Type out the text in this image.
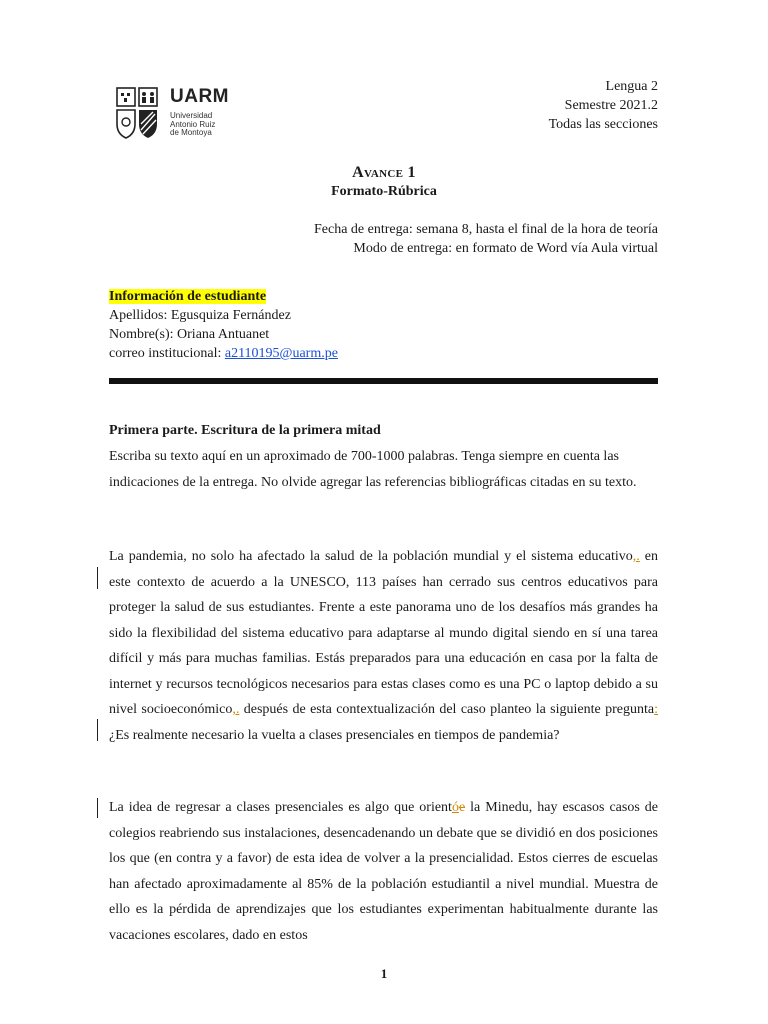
UARM
Universidad
Antonio Ruiz
de Montoya
Lengua 2
Semestre 2021.2
Todas las secciones
Avance 1
Formato-Rúbrica
Fecha de entrega: semana 8, hasta el final de la hora de teoría
Modo de entrega: en formato de Word vía Aula virtual
Información de estudiante
Apellidos: Egusquiza Fernández
Nombre(s): Oriana Antuanet
correo institucional: a2110195@uarm.pe
Primera parte. Escritura de la primera mitad
Escriba su texto aquí en un aproximado de 700-1000 palabras. Tenga siempre en cuenta las indicaciones de la entrega. No olvide agregar las referencias bibliográficas citadas en su texto.
La pandemia, no solo ha afectado la salud de la población mundial y el sistema educativo,. en este contexto de acuerdo a la UNESCO, 113 países han cerrado sus centros educativos para proteger la salud de sus estudiantes. Frente a este panorama uno de los desafíos más grandes ha sido la flexibilidad del sistema educativo para adaptarse al mundo digital siendo en sí una tarea difícil y más para muchas familias. Estás preparados para una educación en casa por la falta de internet y recursos tecnológicos necesarios para estas clases como es una PC o laptop debido a su nivel socioeconómico,. después de esta contextualización del caso planteo la siguiente pregunta: ¿Es realmente necesario la vuelta a clases presenciales en tiempos de pandemia?
La idea de regresar a clases presenciales es algo que orientóe la Minedu, hay escasos casos de colegios reabriendo sus instalaciones, desencadenando un debate que se dividió en dos posiciones los que (en contra y a favor) de esta idea de volver a la presencialidad. Estos cierres de escuelas han afectado aproximadamente al 85% de la población estudiantil a nivel mundial. Muestra de ello es la pérdida de aprendizajes que los estudiantes experimentan habitualmente durante las vacaciones escolares, dado en estos
1
